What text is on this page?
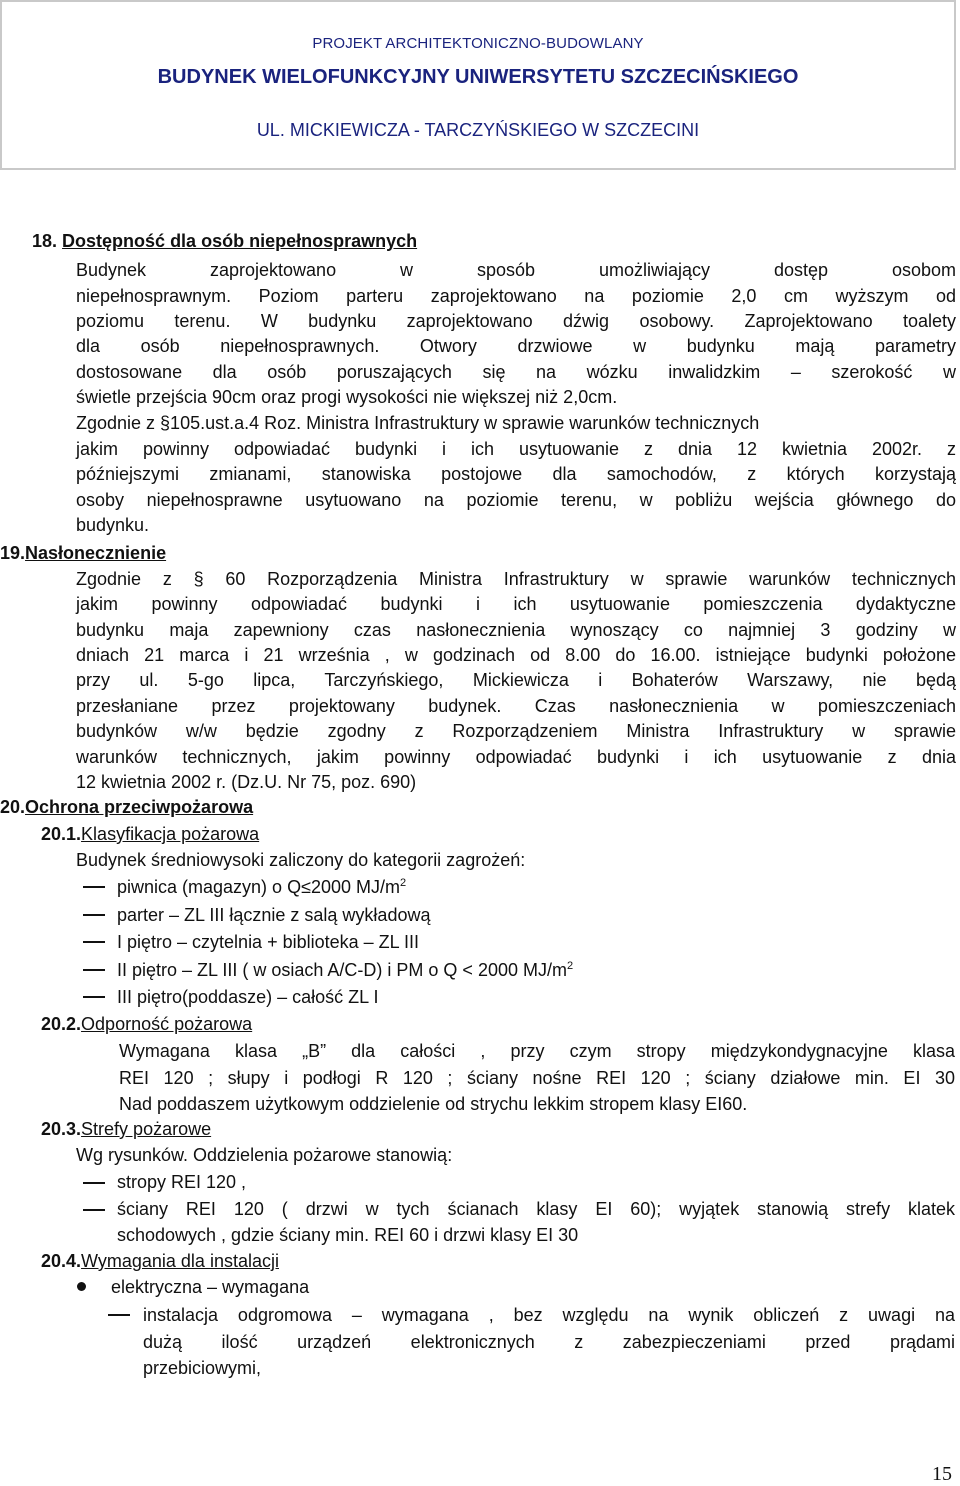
PROJEKT ARCHITEKTONICZNO-BUDOWLANY
BUDYNEK WIELOFUNKCYJNY UNIWERSYTETU SZCZECIŃSKIEGO
UL. MICKIEWICZA - TARCZYŃSKIEGO W SZCZECINI
18. Dostępność dla osób niepełnosprawnych
Budynek zaprojektowano w sposób umożliwiający dostęp osobom
niepełnosprawnym. Poziom parteru zaprojektowano na poziomie 2,0 cm wyższym od
poziomu terenu. W budynku zaprojektowano dźwig osobowy. Zaprojektowano toalety
dla osób niepełnosprawnych. Otwory drzwiowe w budynku mają parametry
dostosowane dla osób poruszających się na wózku inwalidzkim – szerokość w
świetle przejścia 90cm oraz progi wysokości nie większej niż 2,0cm.
Zgodnie z §105.ust.a.4 Roz. Ministra Infrastruktury w sprawie warunków technicznych
jakim powinny odpowiadać budynki i ich usytuowanie z dnia 12 kwietnia 2002r. z
późniejszymi zmianami, stanowiska postojowe dla samochodów, z których korzystają
osoby niepełnosprawne usytuowano na poziomie terenu, w pobliżu wejścia głównego do
budynku.
19.Nasłonecznienie
Zgodnie z § 60 Rozporządzenia Ministra Infrastruktury w sprawie warunków technicznych
jakim powinny odpowiadać budynki i ich usytuowanie pomieszczenia dydaktyczne
budynku maja zapewniony czas nasłonecznienia wynoszący co najmniej 3 godziny w
dniach 21 marca i 21 września , w godzinach od 8.00 do 16.00. istniejące budynki położone
przy ul. 5-go lipca, Tarczyńskiego, Mickiewicza i Bohaterów Warszawy, nie będą
przesłaniane przez projektowany budynek. Czas nasłonecznienia w pomieszczeniach
budynków w/w będzie zgodny z Rozporządzeniem Ministra Infrastruktury w sprawie
warunków technicznych, jakim powinny odpowiadać budynki i ich usytuowanie z dnia
12 kwietnia 2002 r. (Dz.U. Nr 75, poz. 690)
20.Ochrona przeciwpożarowa
20.1.Klasyfikacja pożarowa
Budynek średniowysoki zaliczony do kategorii zagrożeń:
piwnica (magazyn) o Q≤2000 $MJ/m^2$
parter – ZL III łącznie z salą wykładową
I piętro – czytelnia + biblioteka – ZL III
II piętro – ZL III ( w osiach A/C-D) i PM o Q < 2000 $MJ/m^2$
III piętro(poddasze) – całość ZL I
20.2.Odporność pożarowa
Wymagana klasa „B” dla całości , przy czym stropy międzykondygnacyjne klasa
REI 120 ; słupy i podłogi R 120 ; ściany nośne REI 120 ; ściany działowe min. EI 30
Nad poddaszem użytkowym oddzielenie od strychu lekkim stropem klasy EI60.
20.3.Strefy pożarowe
Wg rysunków. Oddzielenia pożarowe stanowią:
stropy REI 120 ,
ściany REI 120 ( drzwi w tych ścianach klasy EI 60); wyjątek stanowią strefy klatek
schodowych , gdzie ściany min. REI 60 i drzwi klasy EI 30
20.4.Wymagania dla instalacji
elektryczna – wymagana
instalacja odgromowa – wymagana , bez względu na wynik obliczeń z uwagi na
dużą ilość urządzeń elektronicznych z zabezpieczeniami przed prądami
przebiciowymi,
15
